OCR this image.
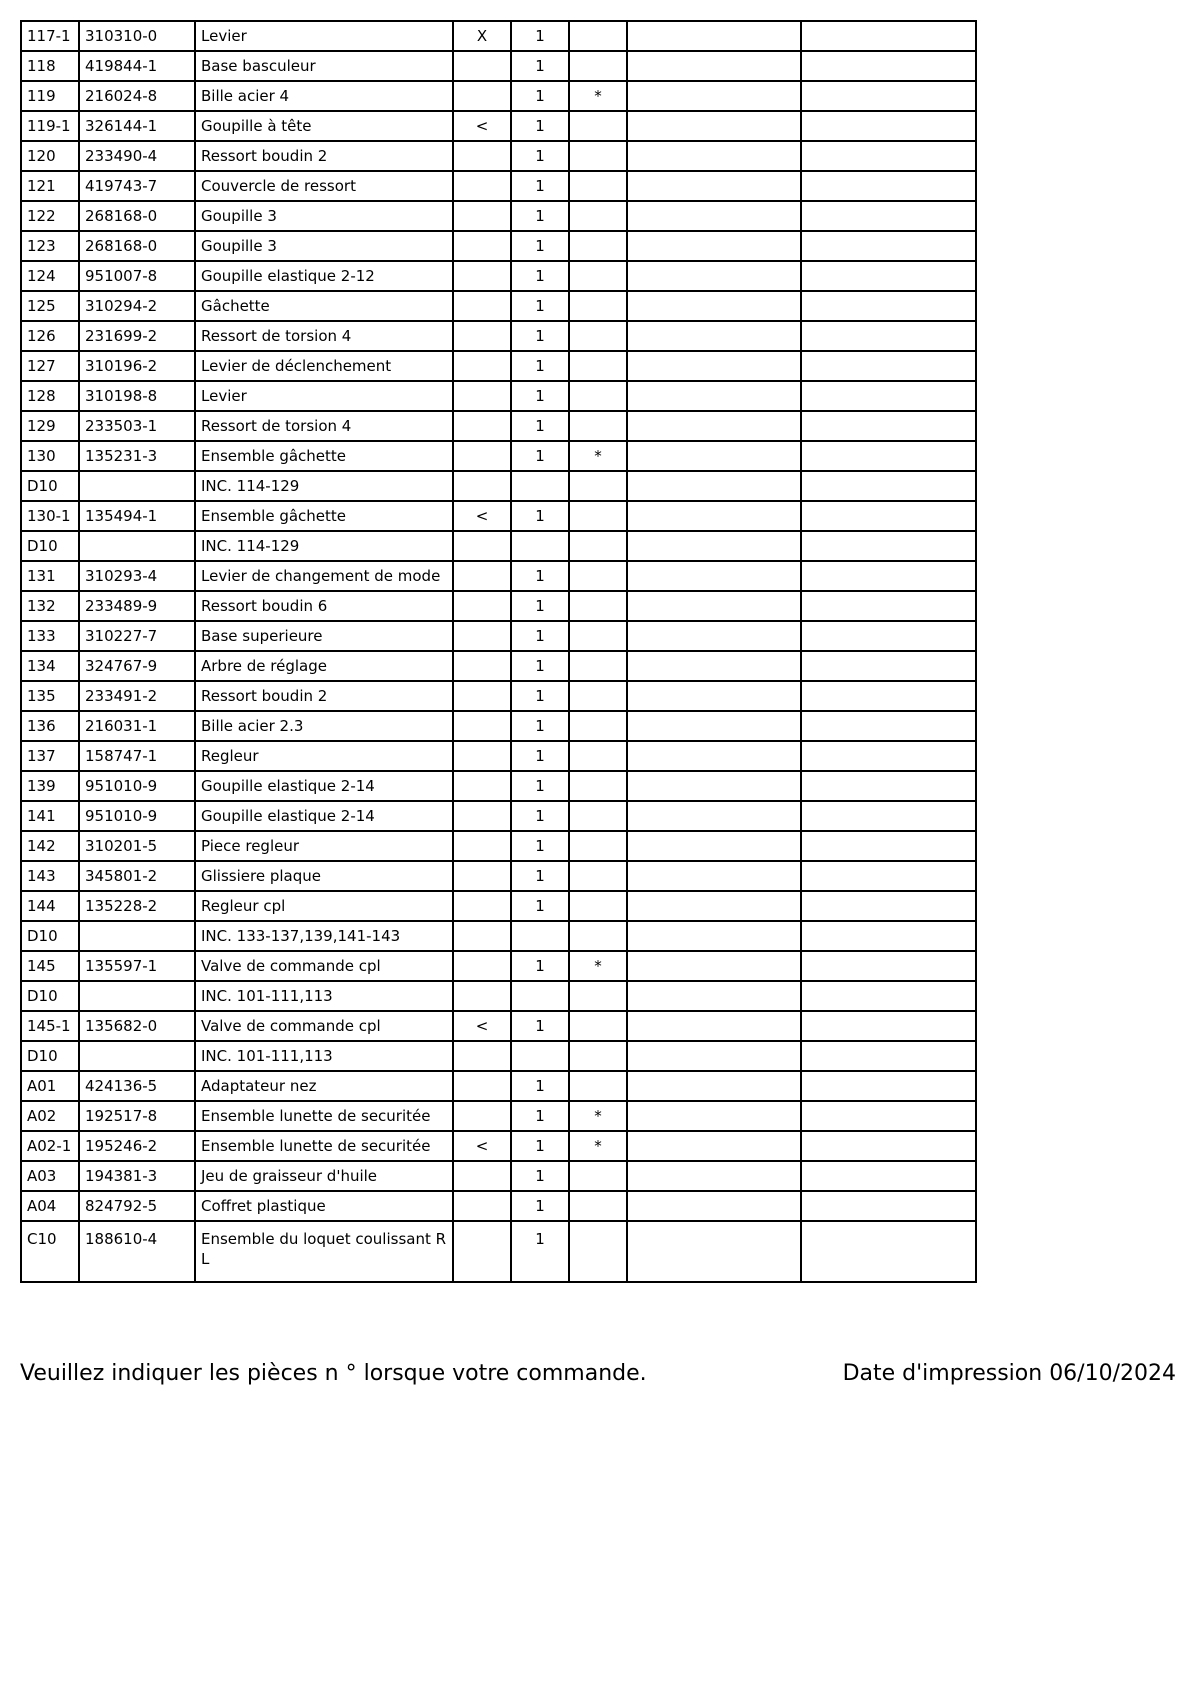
117-1	310310-0	Levier	X	1			
118	419844-1	Base basculeur		1			
119	216024-8	Bille acier 4		1	*		
119-1	326144-1	Goupille à tête	<	1			
120	233490-4	Ressort boudin 2		1			
121	419743-7	Couvercle de ressort		1			
122	268168-0	Goupille 3		1			
123	268168-0	Goupille 3		1			
124	951007-8	Goupille elastique 2-12		1			
125	310294-2	Gâchette		1			
126	231699-2	Ressort de torsion 4		1			
127	310196-2	Levier de déclenchement		1			
128	310198-8	Levier		1			
129	233503-1	Ressort de torsion 4		1			
130	135231-3	Ensemble gâchette		1	*		
D10		INC. 114-129					
130-1	135494-1	Ensemble gâchette	<	1			
D10		INC. 114-129					
131	310293-4	Levier de changement de mode		1			
132	233489-9	Ressort boudin 6		1			
133	310227-7	Base superieure		1			
134	324767-9	Arbre de réglage		1			
135	233491-2	Ressort boudin 2		1			
136	216031-1	Bille acier 2.3		1			
137	158747-1	Regleur		1			
139	951010-9	Goupille elastique 2-14		1			
141	951010-9	Goupille elastique 2-14		1			
142	310201-5	Piece regleur		1			
143	345801-2	Glissiere plaque		1			
144	135228-2	Regleur cpl		1			
D10		INC. 133-137,139,141-143					
145	135597-1	Valve de commande cpl		1	*		
D10		INC. 101-111,113					
145-1	135682-0	Valve de commande cpl	<	1			
D10		INC. 101-111,113					
A01	424136-5	Adaptateur nez		1			
A02	192517-8	Ensemble lunette de securitée		1	*		
A02-1	195246-2	Ensemble lunette de securitée	<	1	*		
A03	194381-3	Jeu de graisseur d'huile		1			
A04	824792-5	Coffret plastique		1			
C10	188610-4	Ensemble du loquet coulissant R L		1			
Veuillez indiquer les pièces n ° lorsque votre commande.	Date d'impression 06/10/2024
